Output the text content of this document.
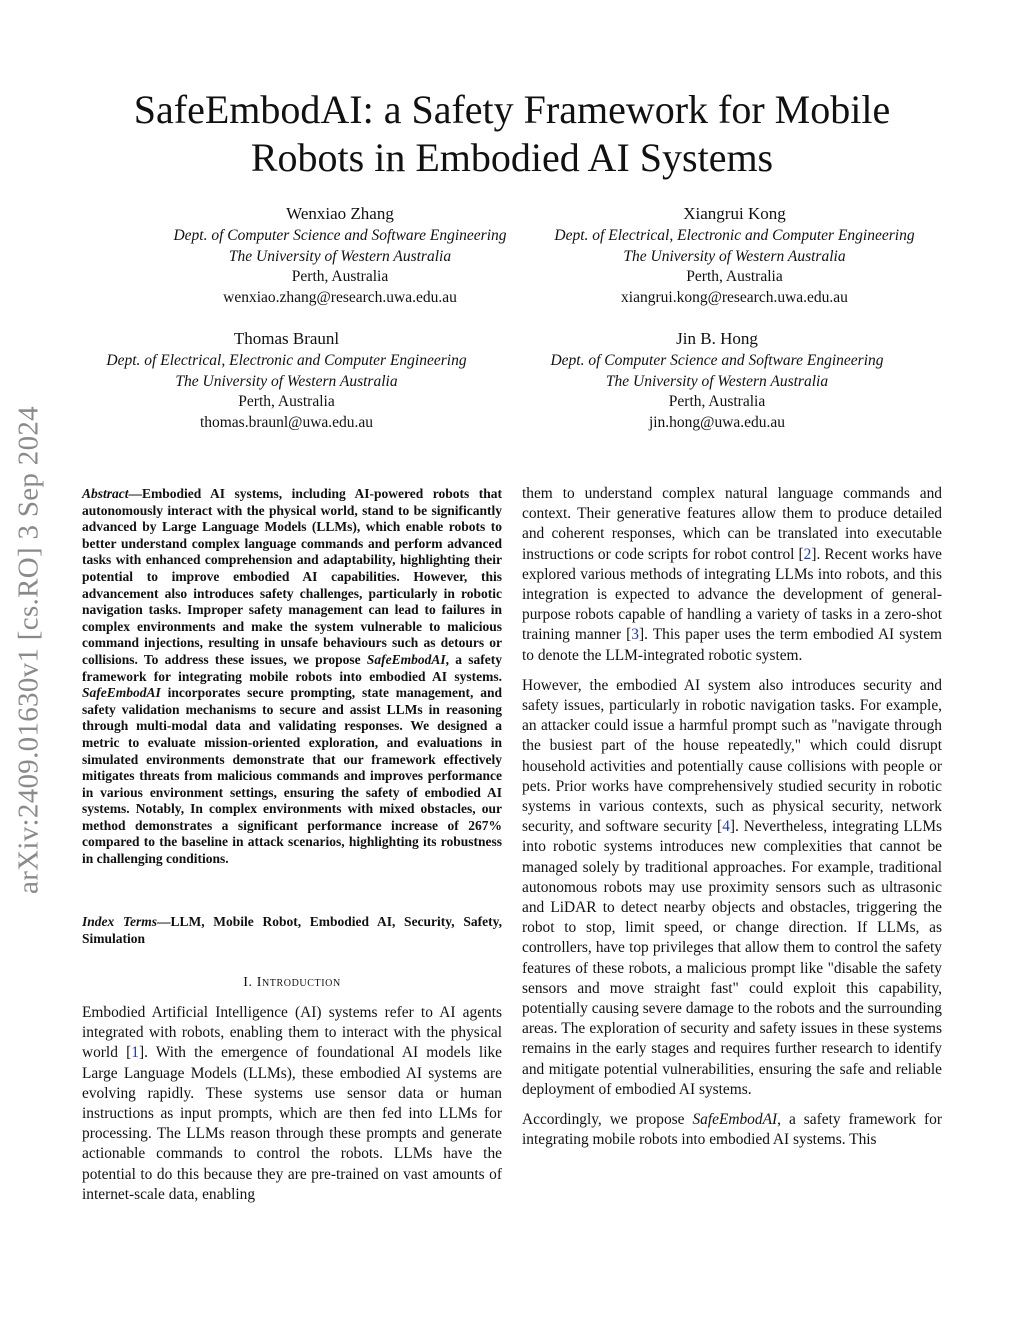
SafeEmbodAI: a Safety Framework for Mobile
Robots in Embodied AI Systems
Wenxiao Zhang
Dept. of Computer Science and Software Engineering
The University of Western Australia
Perth, Australia
wenxiao.zhang@research.uwa.edu.au
Xiangrui Kong
Dept. of Electrical, Electronic and Computer Engineering
The University of Western Australia
Perth, Australia
xiangrui.kong@research.uwa.edu.au
Thomas Braunl
Dept. of Electrical, Electronic and Computer Engineering
The University of Western Australia
Perth, Australia
thomas.braunl@uwa.edu.au
Jin B. Hong
Dept. of Computer Science and Software Engineering
The University of Western Australia
Perth, Australia
jin.hong@uwa.edu.au
arXiv:2409.01630v1 [cs.RO] 3 Sep 2024	Abstract—Embodied AI systems, including AI-powered robots that autonomously interact with the physical world, stand to be significantly advanced by Large Language Models (LLMs), which enable robots to better understand complex language commands and perform advanced tasks with enhanced comprehension and adaptability, highlighting their potential to improve embodied AI capabilities. However, this advancement also introduces safety challenges, particularly in robotic navigation tasks. Improper safety management can lead to failures in complex environments and make the system vulnerable to malicious command injections, resulting in unsafe behaviours such as detours or collisions. To address these issues, we propose SafeEmbodAI, a safety framework for integrating mobile robots into embodied AI systems. SafeEmbodAI incorporates secure prompting, state management, and safety validation mechanisms to secure and assist LLMs in reasoning through multi-modal data and validating responses. We designed a metric to evaluate mission-oriented exploration, and evaluations in simulated environments demonstrate that our framework effectively mitigates threats from malicious commands and improves performance in various environment settings, ensuring the safety of embodied AI systems. Notably, In complex environments with mixed obstacles, our method demonstrates a significant performance increase of 267% compared to the baseline in attack scenarios, highlighting its robustness in challenging conditions.
Index Terms—LLM, Mobile Robot, Embodied AI, Security, Safety, Simulation
I. Introduction
Embodied Artificial Intelligence (AI) systems refer to AI agents integrated with robots, enabling them to interact with the physical world [1]. With the emergence of foundational AI models like Large Language Models (LLMs), these embodied AI systems are evolving rapidly. These systems use sensor data or human instructions as input prompts, which are then fed into LLMs for processing. The LLMs reason through these prompts and generate actionable commands to control the robots. LLMs have the potential to do this because they are pre-trained on vast amounts of internet-scale data, enabling

them to understand complex natural language commands and context. Their generative features allow them to produce detailed and coherent responses, which can be translated into executable instructions or code scripts for robot control [2]. Recent works have explored various methods of integrating LLMs into robots, and this integration is expected to advance the development of general-purpose robots capable of handling a variety of tasks in a zero-shot training manner [3]. This paper uses the term embodied AI system to denote the LLM-integrated robotic system.

However, the embodied AI system also introduces security and safety issues, particularly in robotic navigation tasks. For example, an attacker could issue a harmful prompt such as "navigate through the busiest part of the house repeatedly," which could disrupt household activities and potentially cause collisions with people or pets. Prior works have comprehensively studied security in robotic systems in various contexts, such as physical security, network security, and software security [4]. Nevertheless, integrating LLMs into robotic systems introduces new complexities that cannot be managed solely by traditional approaches. For example, traditional autonomous robots may use proximity sensors such as ultrasonic and LiDAR to detect nearby objects and obstacles, triggering the robot to stop, limit speed, or change direction. If LLMs, as controllers, have top privileges that allow them to control the safety features of these robots, a malicious prompt like "disable the safety sensors and move straight fast" could exploit this capability, potentially causing severe damage to the robots and the surrounding areas. The exploration of security and safety issues in these systems remains in the early stages and requires further research to identify and mitigate potential vulnerabilities, ensuring the safe and reliable deployment of embodied AI systems.

Accordingly, we propose SafeEmbodAI, a safety framework for integrating mobile robots into embodied AI systems. This
